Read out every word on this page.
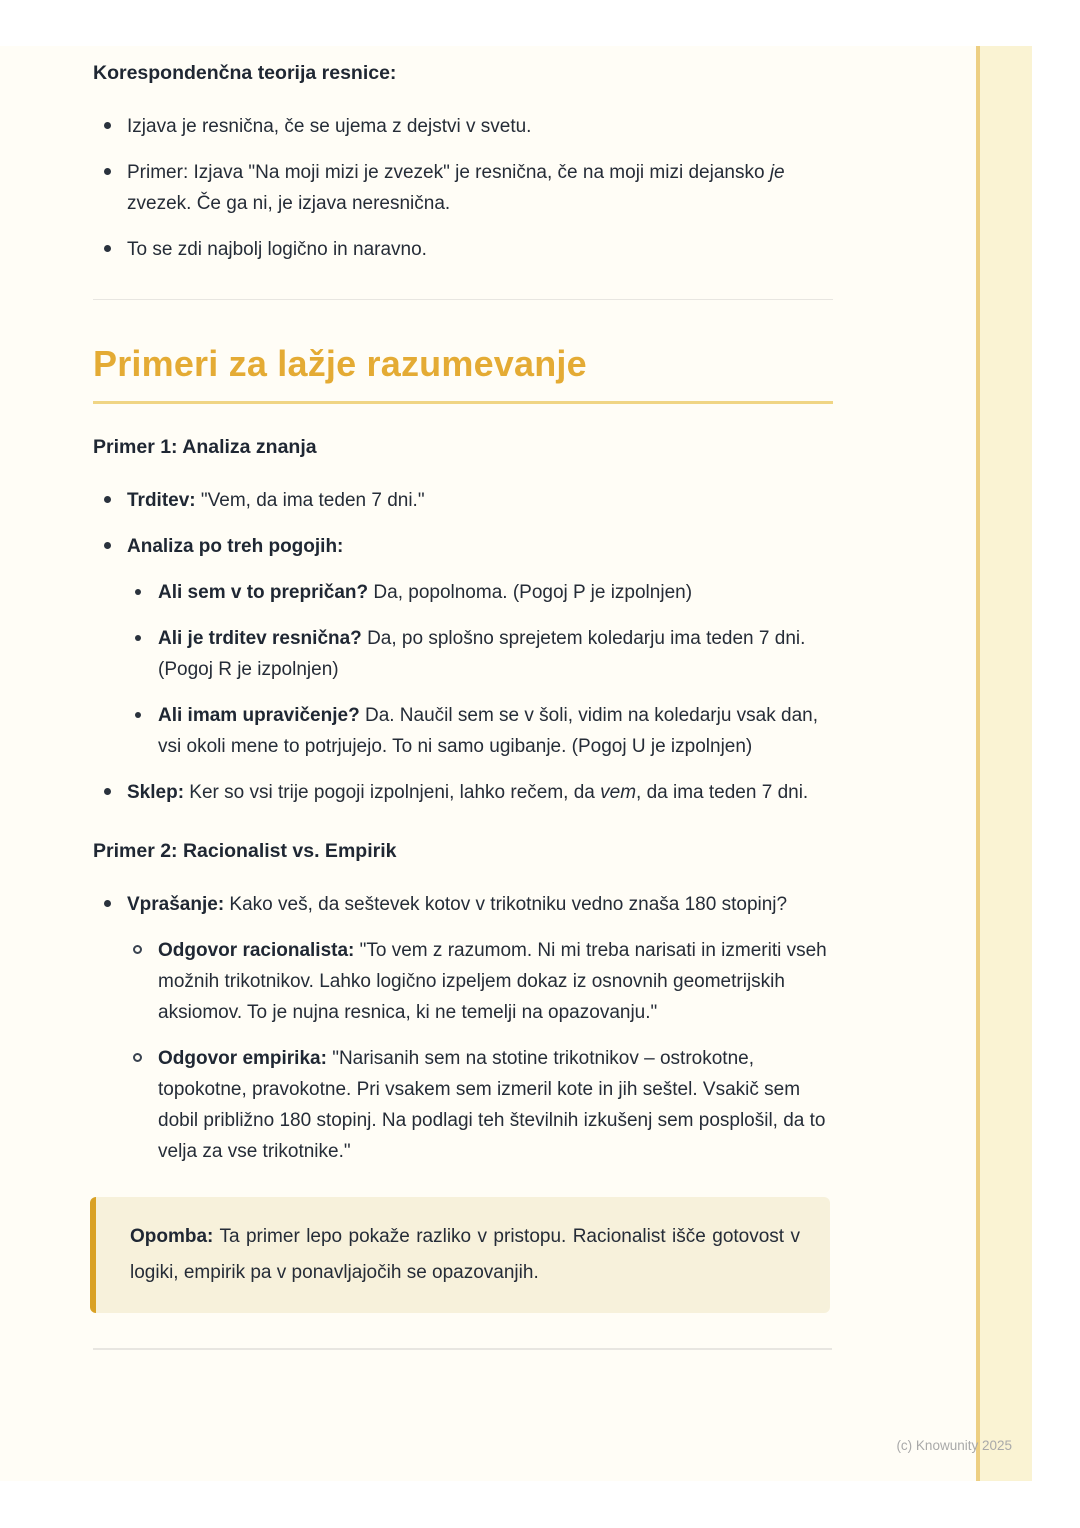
Korespondenčna teorija resnice:
Izjava je resnična, če se ujema z dejstvi v svetu.
Primer: Izjava "Na moji mizi je zvezek" je resnična, če na moji mizi dejansko je zvezek. Če ga ni, je izjava neresnična.
To se zdi najbolj logično in naravno.
Primeri za lažje razumevanje
Primer 1: Analiza znanja
Trditev: "Vem, da ima teden 7 dni."
Analiza po treh pogojih:
Ali sem v to prepričan? Da, popolnoma. (Pogoj P je izpolnjen)
Ali je trditev resnična? Da, po splošno sprejetem koledarju ima teden 7 dni. (Pogoj R je izpolnjen)
Ali imam upravičenje? Da. Naučil sem se v šoli, vidim na koledarju vsak dan, vsi okoli mene to potrjujejo. To ni samo ugibanje. (Pogoj U je izpolnjen)
Sklep: Ker so vsi trije pogoji izpolnjeni, lahko rečem, da vem, da ima teden 7 dni.
Primer 2: Racionalist vs. Empirik
Vprašanje: Kako veš, da seštevek kotov v trikotniku vedno znaša 180 stopinj?
Odgovor racionalista: "To vem z razumom. Ni mi treba narisati in izmeriti vseh možnih trikotnikov. Lahko logično izpeljem dokaz iz osnovnih geometrijskih aksiomov. To je nujna resnica, ki ne temelji na opazovanju."
Odgovor empirika: "Narisanih sem na stotine trikotnikov – ostrokotne, topokotne, pravokotne. Pri vsakem sem izmeril kote in jih seštel. Vsakič sem dobil približno 180 stopinj. Na podlagi teh številnih izkušenj sem posplošil, da to velja za vse trikotnike."
Opomba: Ta primer lepo pokaže razliko v pristopu. Racionalist išče gotovost v logiki, empirik pa v ponavljajočih se opazovanjih.
(c) Knowunity 2025
